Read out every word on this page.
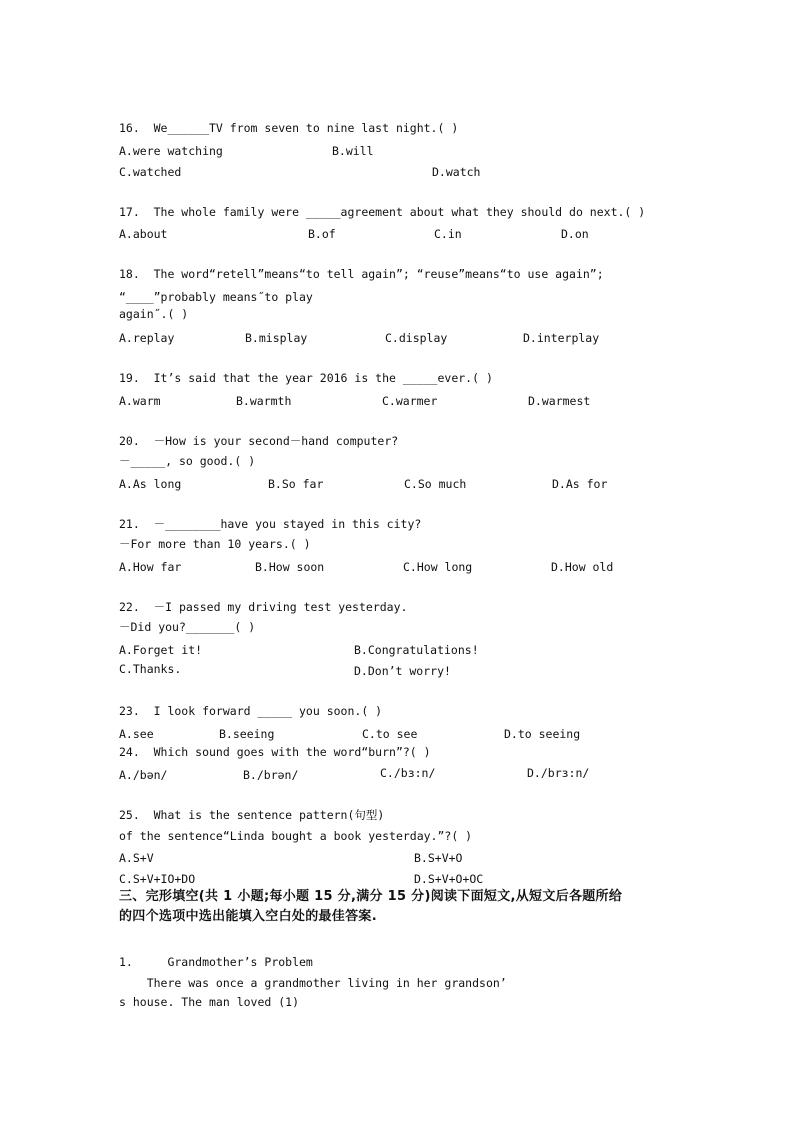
16.  We______TV from seven to nine last night.( )
A.were watching	B.will
C.watched	D.watch
17.  The whole family were _____agreement about what they should do next.( )
A.about	B.of	C.in	D.on
18.  The word“retell”means“to tell again”; “reuse”means“to use again”;
“____”probably means˝to play
again˝.( )
A.replay	B.misplay	C.display	D.interplay
19.  It’s said that the year 2016 is the _____ever.( )
A.warm	B.warmth	C.warmer	D.warmest
20.  －How is your second－hand computer?
－_____, so good.( )
A.As long	B.So far	C.So much	D.As for
21.  －________have you stayed in this city?
－For more than 10 years.( )
A.How far	B.How soon	C.How long	D.How old
22.  －I passed my driving test yesterday.
－Did you?_______( )
A.Forget it!	B.Congratulations!
C.Thanks.	D.Don’t worry!
23.  I look forward _____ you soon.( )
A.see	B.seeing	C.to see	D.to seeing
24.  Which sound goes with the word“burn”?( )
A./bən/	B./brən/	C./bɜ:n/	D./brɜ:n/
25.  What is the sentence pattern(句型)
of the sentence“Linda bought a book yesterday.”?( )
A.S+V	B.S+V+O
C.S+V+IO+DO	D.S+V+O+OC
三、完形填空(共 1 小题;每小题 15 分,满分 15 分)阅读下面短文,从短文后各题所给
的四个选项中选出能填入空白处的最佳答案.
1.     Grandmother’s Problem
There was once a grandmother living in her grandson’
s house. The man loved (1)
